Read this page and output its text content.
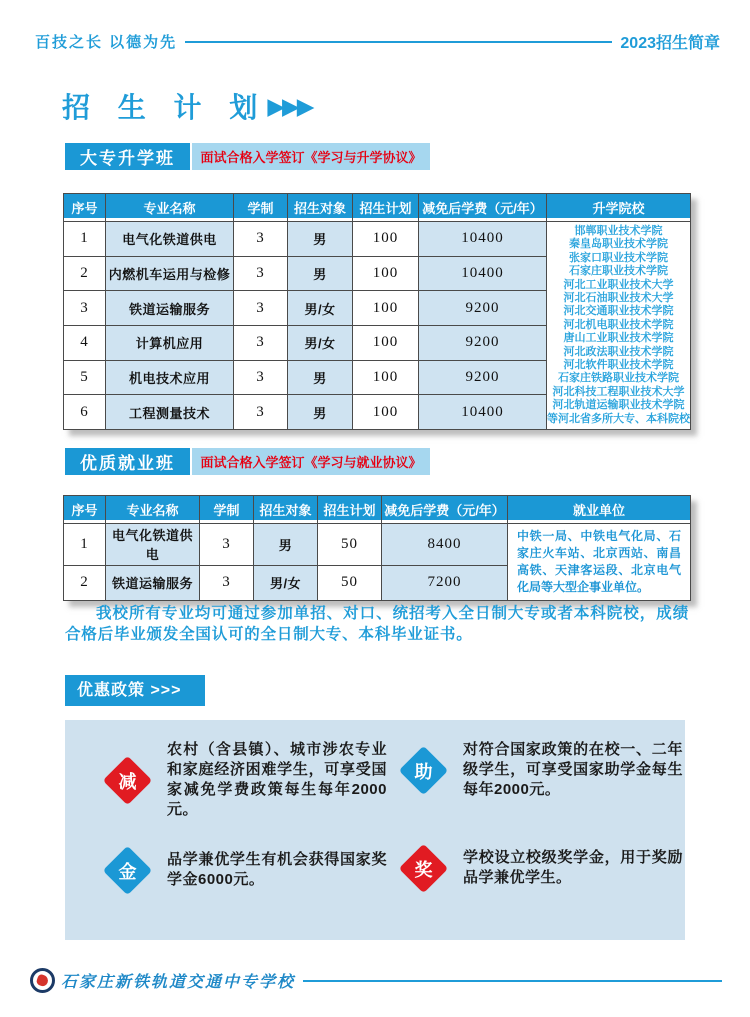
百技之长 以德为先	2023招生简章
招 生 计 划 ▶▶▶
大专升学班	面试合格入学签订《学习与升学协议》
序号	专业名称	学制	招生对象	招生计划	减免后学费（元/年）	升学院校
1	电气化铁道供电	3	男	100	10400	邯郸职业技术学院
秦皇岛职业技术学院
张家口职业技术学院
石家庄职业技术学院
河北工业职业技术大学
河北石油职业技术大学
河北交通职业技术学院
河北机电职业技术学院
唐山工业职业技术学院
河北政法职业技术学院
河北软件职业技术学院
石家庄铁路职业技术学院
河北科技工程职业技术大学
河北轨道运输职业技术学院
等河北省多所大专、本科院校

2	内燃机车运用与检修	3	男	100	10400	
3	铁道运输服务	3	男/女	100	9200	
4	计算机应用	3	男/女	100	9200	
5	机电技术应用	3	男	100	9200	
6	工程测量技术	3	男	100	10400	
优质就业班	面试合格入学签订《学习与就业协议》
序号	专业名称	学制	招生对象	招生计划	减免后学费（元/年）	就业单位
1	电气化铁道供电	3	男	50	8400	中铁一局、中铁电气化局、石家庄火车站、北京西站、南昌高铁、天津客运段、北京电气化局等大型企事业单位。

2	铁道运输服务	3	男/女	50	7200	
我校所有专业均可通过参加单招、对口、统招考入全日制大专或者本科院校，成绩合格后毕业颁发全国认可的全日制大专、本科毕业证书。
优惠政策 >>>
减
农村（含县镇）、城市涉农专业和家庭经济困难学生，可享受国家减免学费政策每生每年2000元。
金
品学兼优学生有机会获得国家奖学金6000元。
助
对符合国家政策的在校一、二年级学生，可享受国家助学金每生每年2000元。
奖
学校设立校级奖学金，用于奖励品学兼优学生。
石家庄新铁轨道交通中专学校
